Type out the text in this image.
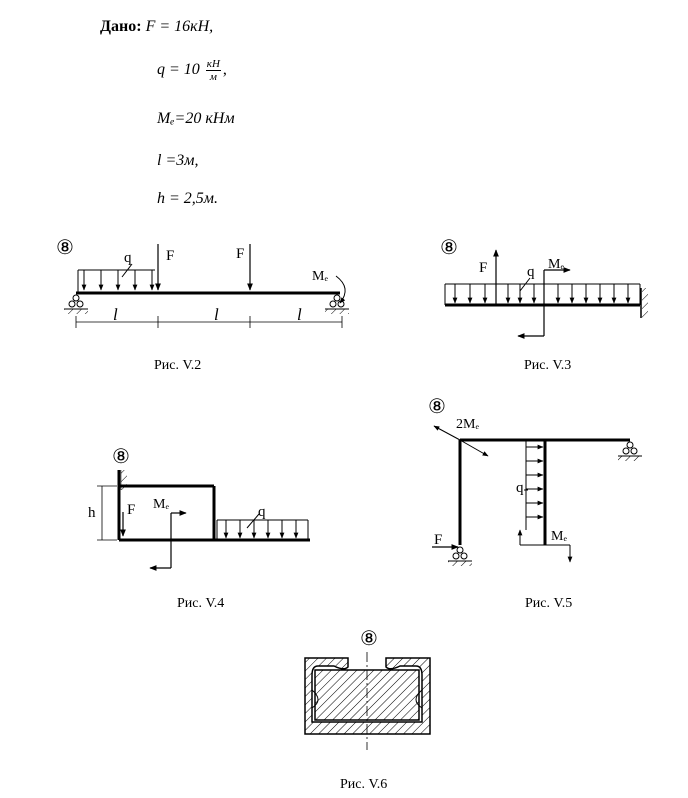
Дано: F = 16кН,
$q = 10 \frac{кН}{м}$ ,
Mₑ=20 кНм
l =3м,
h = 2,5м.
⑧	q F	F
Mₑ
l	l	l
⑧
F	q Mₑ
⑧
h F Mₑ	q
⑧
2Mₑ
q
Mₑ
F
⑧
Рис. V.2	Рис. V.3
Рис. V.4	Рис. V.5
Рис. V.6
